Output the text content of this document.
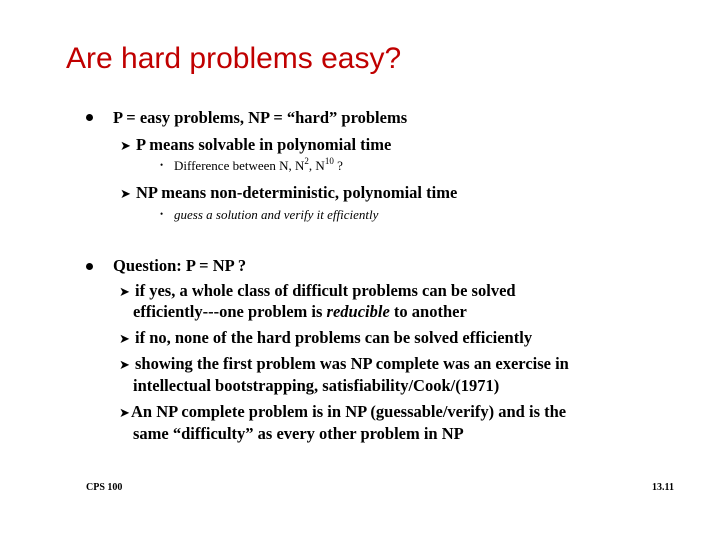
Are hard problems easy?
P = easy problems, NP = “hard” problems
➤ P means solvable in polynomial time
• Difference between N, $N^2$, $N^{10}$ ?
➤ NP means non-deterministic, polynomial time
• guess a solution and verify it efficiently
Question: P = NP ?
➤ if yes, a whole class of difficult problems can be solved
efficiently---one problem is reducible to another
➤ if no, none of the hard problems can be solved efficiently
➤ showing the first problem was NP complete was an exercise in
intellectual bootstrapping, satisfiability/Cook/(1971)
➤An NP complete problem is in NP (guessable/verify) and is the
same “difficulty” as every other problem in NP
CPS 100	13.11
